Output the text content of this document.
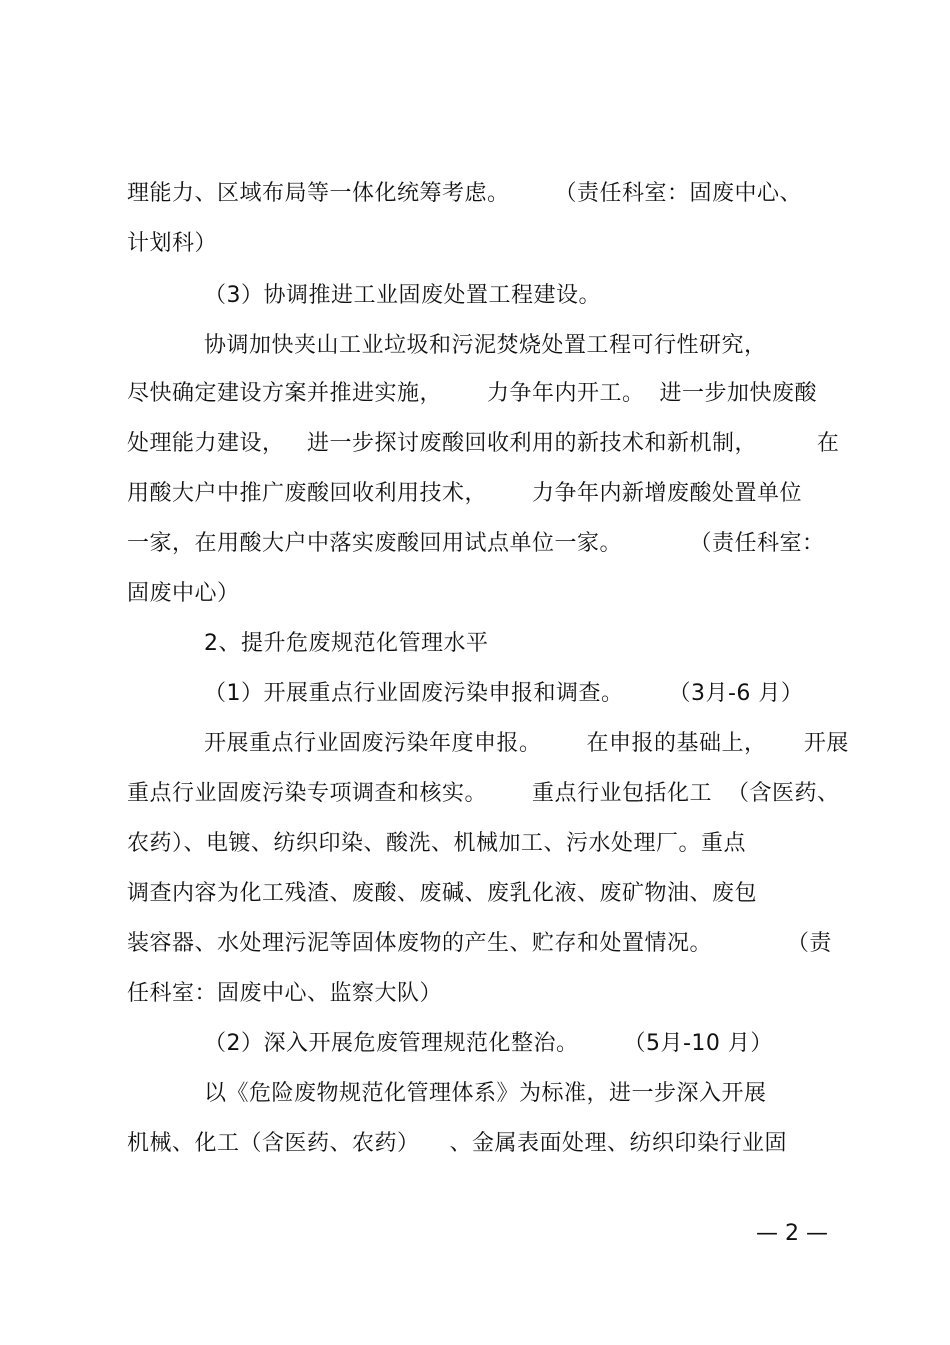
理能力、区域布局等一体化统筹考虑。      （责任科室：固废中心、
计划科）
（3）协调推进工业固废处置工程建设。
协调加快夹山工业垃圾和污泥焚烧处置工程可行性研究，
尽快确定建设方案并推进实施，      力争年内开工。  进一步加快废酸
处理能力建设，   进一步探讨废酸回收利用的新技术和新机制，        在
用酸大户中推广废酸回收利用技术，      力争年内新增废酸处置单位
一家，在用酸大户中落实废酸回用试点单位一家。         （责任科室：
固废中心）
2、提升危废规范化管理水平
（1）开展重点行业固废污染申报和调查。      （3月-6 月）
开展重点行业固废污染年度申报。      在申报的基础上，     开展
重点行业固废污染专项调查和核实。      重点行业包括化工  （含医药、
农药）、电镀、纺织印染、酸洗、机械加工、污水处理厂。重点
调查内容为化工残渣、废酸、废碱、废乳化液、废矿物油、废包
装容器、水处理污泥等固体废物的产生、贮存和处置情况。          （责
任科室：固废中心、监察大队）
（2）深入开展危废管理规范化整治。      （5月-10 月）
以《危险废物规范化管理体系》为标准，进一步深入开展
机械、化工（含医药、农药）    、金属表面处理、纺织印染行业固
— 2 —
